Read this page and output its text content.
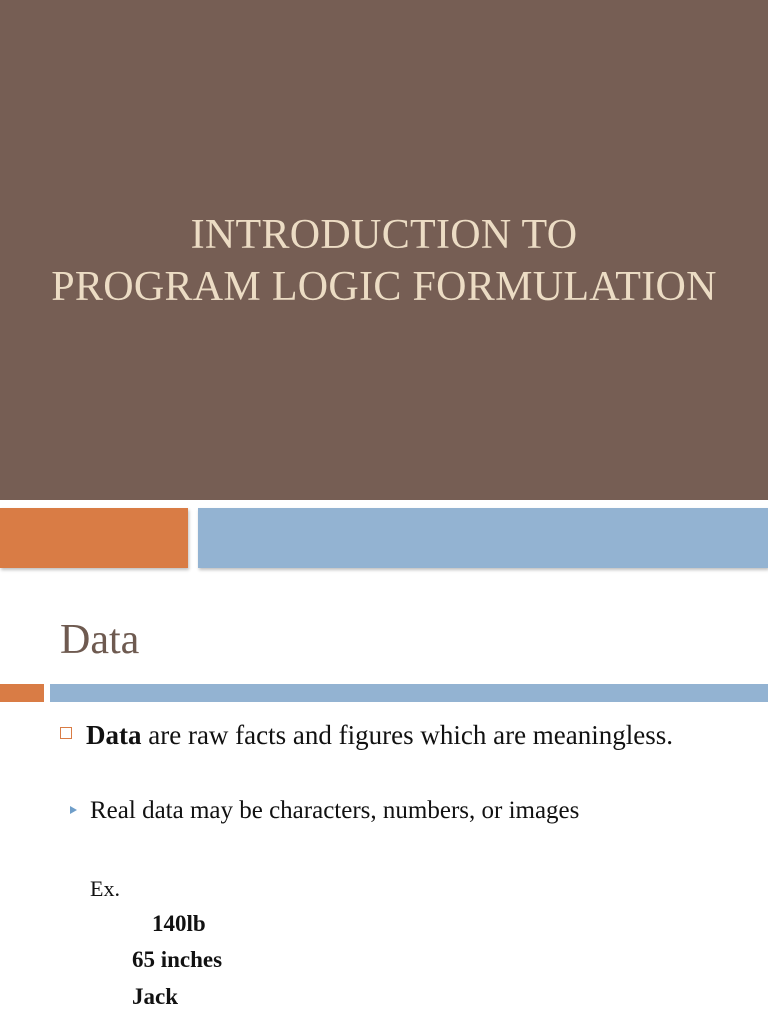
INTRODUCTION TO
PROGRAM LOGIC FORMULATION
Data
Data are raw facts and figures which are meaningless.
Real data may be characters, numbers, or images
Ex.
140lb
65 inches
Jack
